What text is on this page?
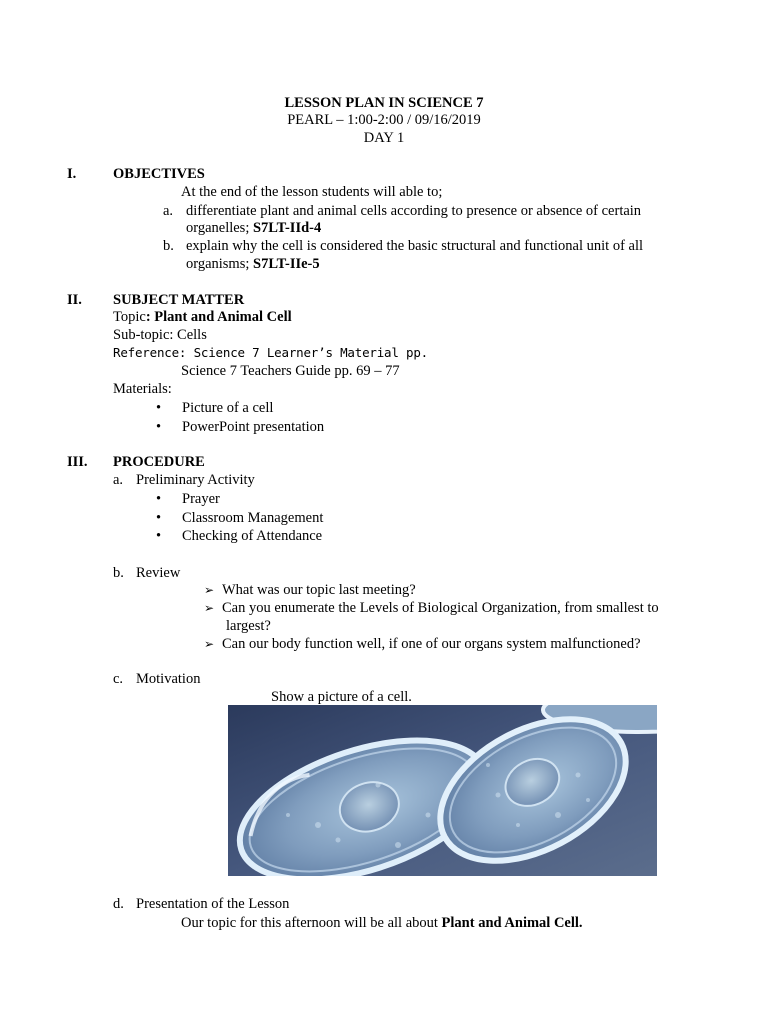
LESSON PLAN IN SCIENCE 7
PEARL – 1:00-2:00 / 09/16/2019
DAY 1
I.	OBJECTIVES
At the end of the lesson students will able to;
a. differentiate plant and animal cells according to presence or absence of certain
organelles; S7LT-IId-4
b. explain why the cell is considered the basic structural and functional unit of all
organisms; S7LT-IIe-5
II. SUBJECT MATTER
Topic: Plant and Animal Cell
Sub-topic: Cells
Reference: Science 7 Learner’s Material pp.
Science 7 Teachers Guide pp. 69 – 77
Materials:
• Picture of a cell
• PowerPoint presentation
III. PROCEDURE
a. Preliminary Activity
• Prayer
• Classroom Management
• Checking of Attendance
b. Review
➢ What was our topic last meeting?
➢ Can you enumerate the Levels of Biological Organization, from smallest to
largest?
➢ Can our body function well, if one of our organs system malfunctioned?
c. Motivation
Show a picture of a cell.
d. Presentation of the Lesson
Our topic for this afternoon will be all about Plant and Animal Cell.
